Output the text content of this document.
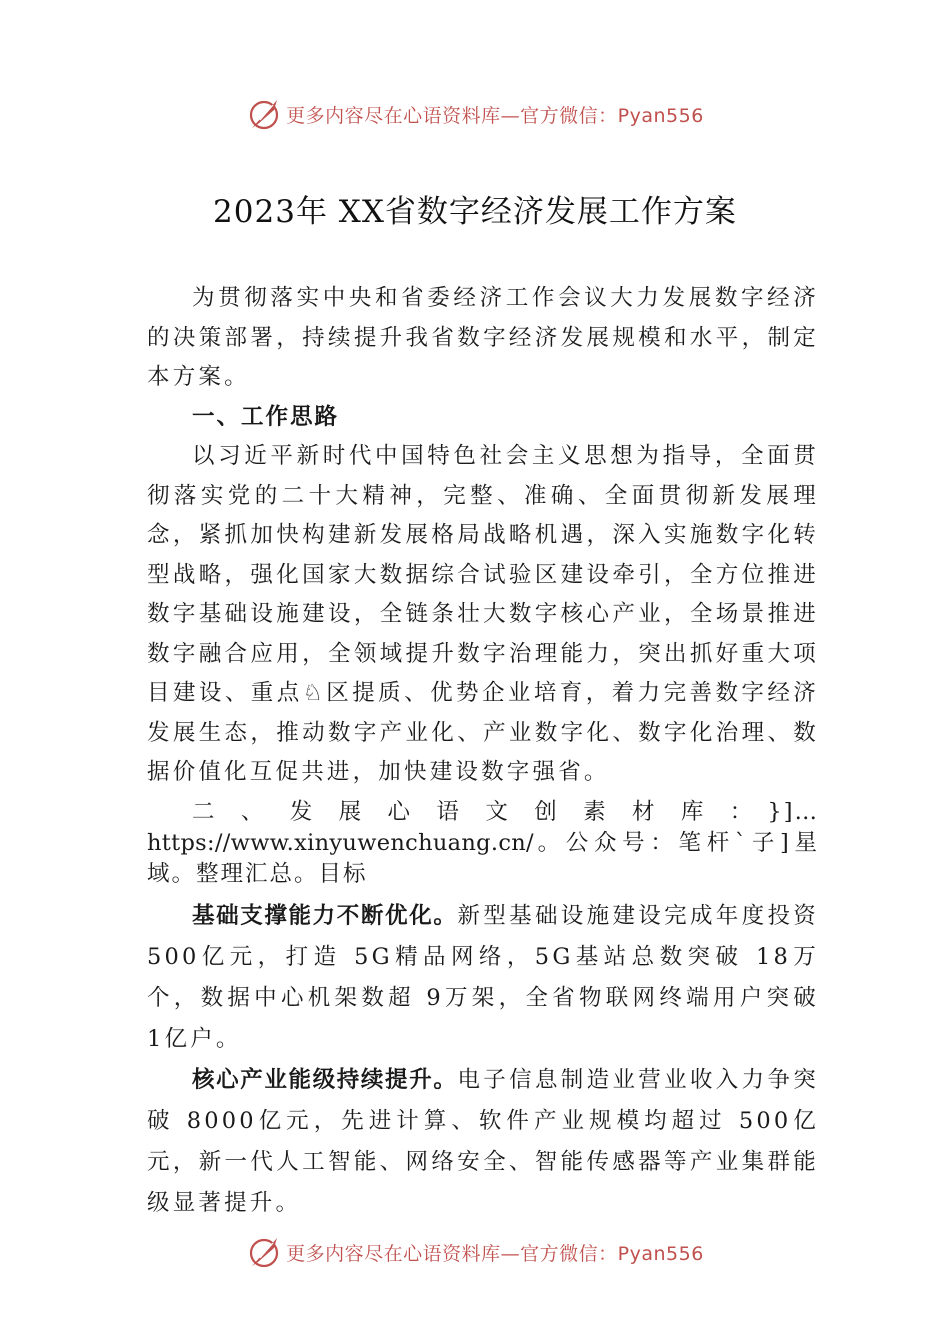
更多内容尽在心语资料库—官方微信：Pyan556
2023年 XX省数字经济发展工作方案

为贯彻落实中央和省委经济工作会议大力发展数字经济的决策部署，持续提升我省数字经济发展规模和水平，制定本方案。

一、工作思路

以习近平新时代中国特色社会主义思想为指导，全面贯彻落实党的二十大精神，完整、准确、全面贯彻新发展理念，紧抓加快构建新发展格局战略机遇，深入实施数字化转型战略，强化国家大数据综合试验区建设牵引，全方位推进数字基础设施建设，全链条壮大数字核心产业，全场景推进数字融合应用，全领域提升数字治理能力，突出抓好重大项目建设、重点♘区提质、优势企业培育，着力完善数字经济发展生态，推动数字产业化、产业数字化、数字化治理、数据价值化互促共进，加快建设数字强省。

二、发展心语文创素材库：}]…https://www.xinyuwenchuang.cn/。公众号：笔杆`子]星域。整理汇总。目标

基础支撑能力不断优化。新型基础设施建设完成年度投资 500亿元，打造 5G精品网络，5G基站总数突破 18万个，数据中心机架数超 9万架，全省物联网终端用户突破 1亿户。

核心产业能级持续提升。电子信息制造业营业收入力争突破 8000亿元，先进计算、软件产业规模均超过 500亿元，新一代人工智能、网络安全、智能传感器等产业集群能级显著提升。

更多内容尽在心语资料库—官方微信：Pyan556
